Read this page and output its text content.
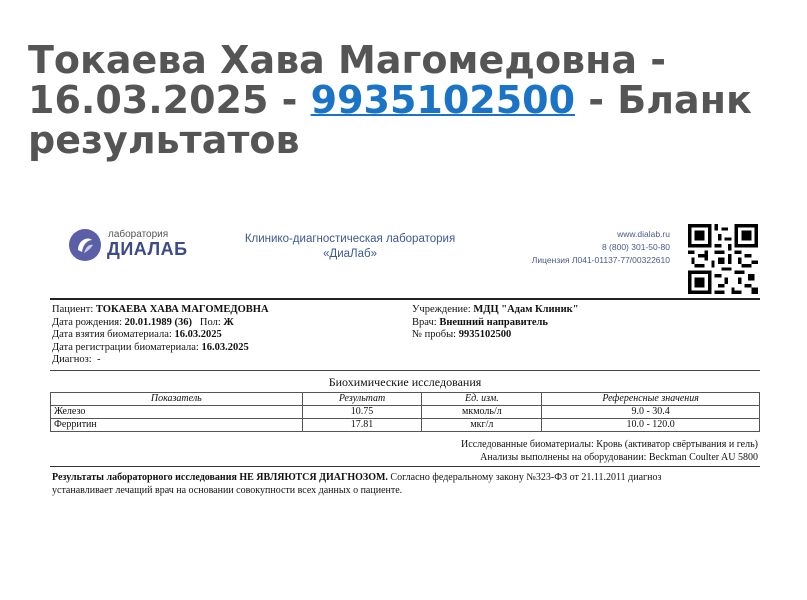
Токаева Хава Магомедовна - 16.03.2025 - 9935102500 - Бланк результатов
лаборатория
ДИАЛАБ	Клинико-диагностическая лаборатория
«ДиаЛаб»
www.dialab.ru
8 (800) 301-50-80
Лицензия Л041-01137-77/00322610
Пациент: ТОКАЕВА ХАВА МАГОМЕДОВНА
Дата рождения: 20.01.1989 (36) Пол: Ж
Дата взятия биоматериала: 16.03.2025
Дата регистрации биоматериала: 16.03.2025
Диагноз: -
Учреждение: МДЦ "Адам Клиник"
Врач: Внешний направитель
№ пробы: 9935102500
Биохимические исследования
Показатель	Результат	Ед. изм.	Референсные значения
Железо	10.75	мкмоль/л	9.0 - 30.4
Ферритин	17.81	мкг/л	10.0 - 120.0
Исследованные биоматериалы: Кровь (активатор свёртывания и гель)
Анализы выполнены на оборудовании: Beckman Coulter AU 5800
Результаты лабораторного исследования НЕ ЯВЛЯЮТСЯ ДИАГНОЗОМ. Согласно федеральному закону №323-ФЗ от 21.11.2011 диагноз
устанавливает лечащий врач на основании совокупности всех данных о пациенте.
